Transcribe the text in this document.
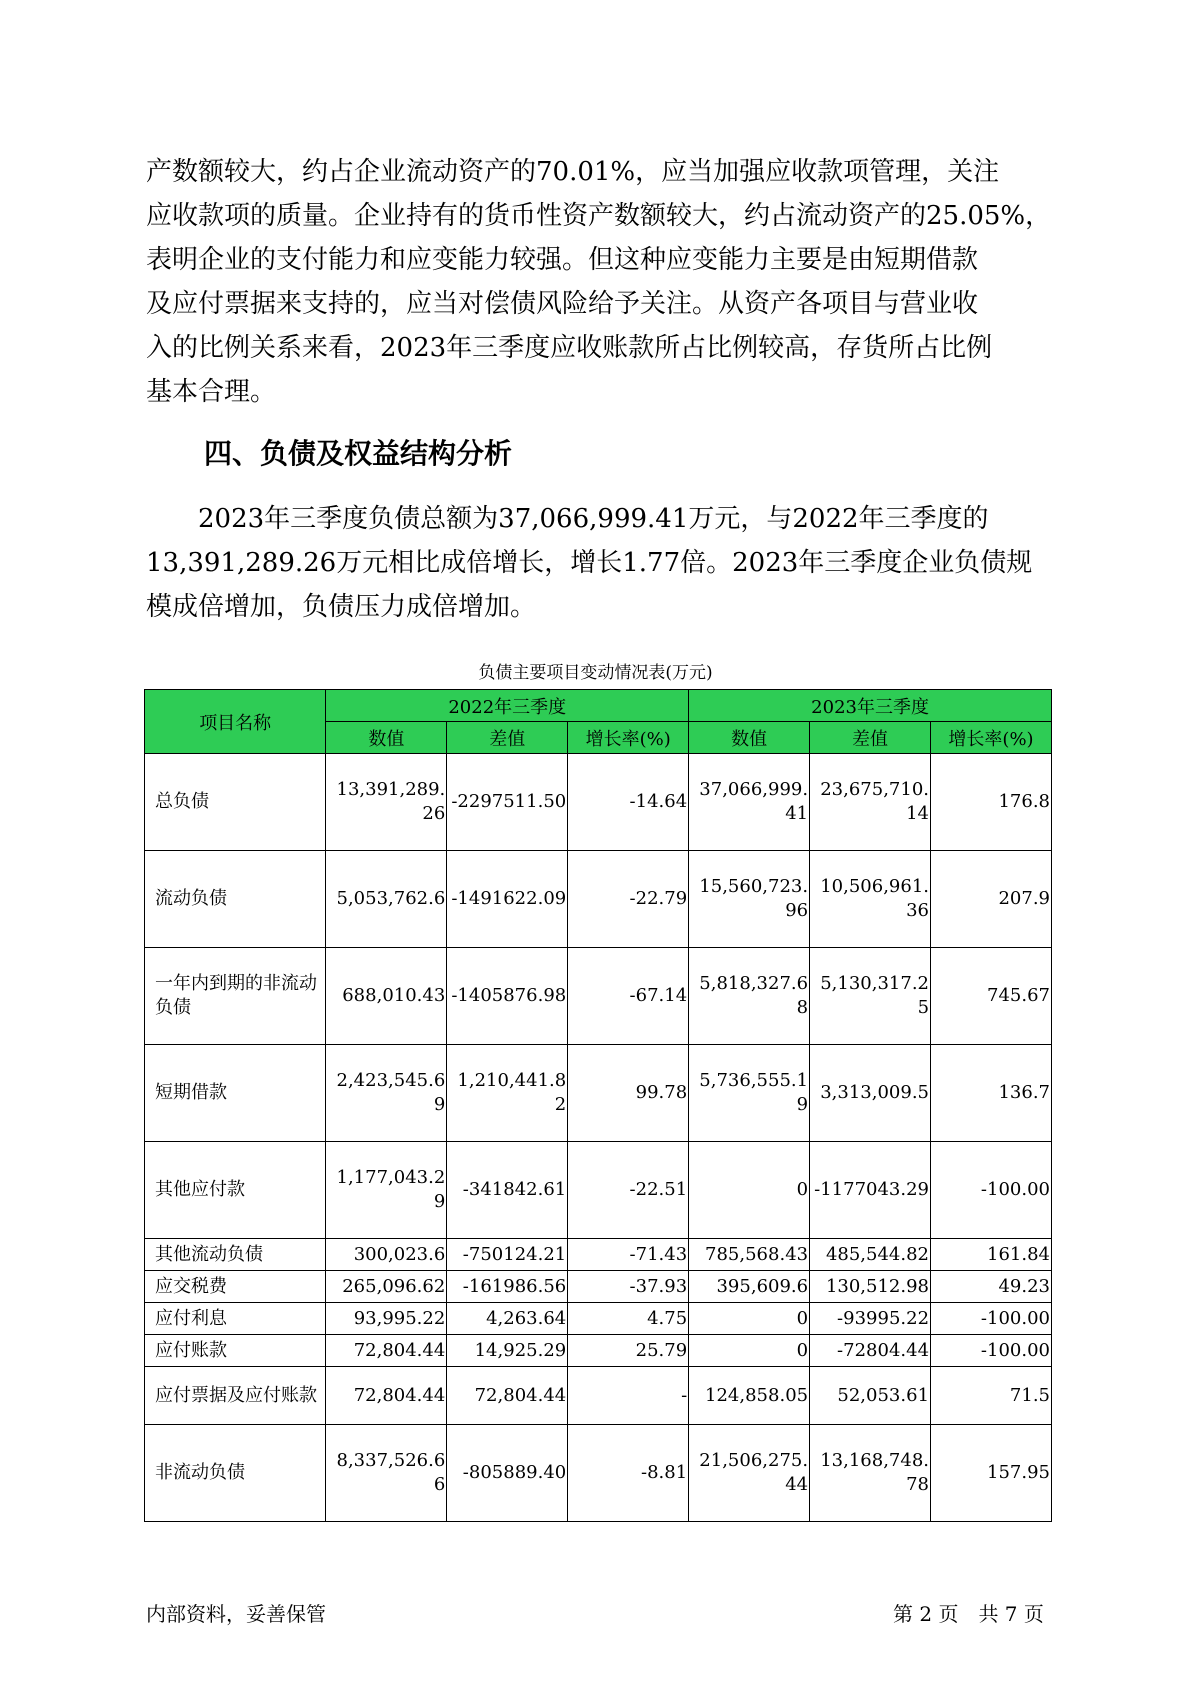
产数额较大，约占企业流动资产的70.01%，应当加强应收款项管理，关注
应收款项的质量。企业持有的货币性资产数额较大，约占流动资产的25.05%，
表明企业的支付能力和应变能力较强。但这种应变能力主要是由短期借款
及应付票据来支持的，应当对偿债风险给予关注。从资产各项目与营业收
入的比例关系来看，2023年三季度应收账款所占比例较高，存货所占比例
基本合理。
四、负债及权益结构分析
　　2023年三季度负债总额为37,066,999.41万元，与2022年三季度的
13,391,289.26万元相比成倍增长，增长1.77倍。2023年三季度企业负债规
模成倍增加，负债压力成倍增加。
负债主要项目变动情况表(万元)
项目名称	2022年三季度			2023年三季度		
	数值	差值	增长率(%)	数值	差值	增长率(%)
总负债	13,391,289.26	-2297511.50	-14.64	37,066,999.41	23,675,710.14	176.8
流动负债	5,053,762.6	-1491622.09	-22.79	15,560,723.96	10,506,961.36	207.9
一年内到期的非流动负债	688,010.43	-1405876.98	-67.14	5,818,327.68	5,130,317.25	745.67
短期借款	2,423,545.69	1,210,441.82	99.78	5,736,555.19	3,313,009.5	136.7
其他应付款	1,177,043.29	-341842.61	-22.51	0	-1177043.29	-100.00
其他流动负债	300,023.6	-750124.21	-71.43	785,568.43	485,544.82	161.84
应交税费	265,096.62	-161986.56	-37.93	395,609.6	130,512.98	49.23
应付利息	93,995.22	4,263.64	4.75	0	-93995.22	-100.00
应付账款	72,804.44	14,925.29	25.79	0	-72804.44	-100.00
应付票据及应付账款	72,804.44	72,804.44	-	124,858.05	52,053.61	71.5
非流动负债	8,337,526.66	-805889.40	-8.81	21,506,275.44	13,168,748.78	157.95
内部资料，妥善保管	第 2 页　共 7 页
